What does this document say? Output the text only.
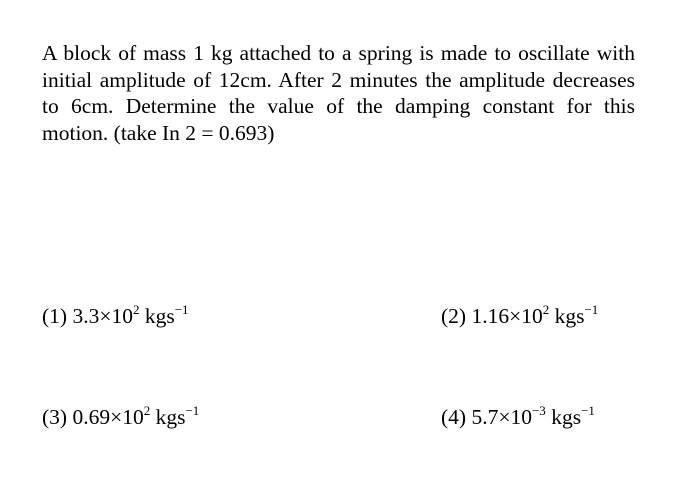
A block of mass 1 kg attached to a spring is made to oscillate with initial amplitude of 12cm. After 2 minutes the amplitude decreases to 6cm. Determine the value of the damping constant for this motion. (take In 2 = 0.693)

(1) $3.3\times 10^2$ kgs$^{-1}$	(2) $1.16\times 10^2$ kgs$^{-1}$
(3) $0.69\times 10^2$ kgs$^{-1}$	(4) $5.7\times 10^{-3}$ kgs$^{-1}$
